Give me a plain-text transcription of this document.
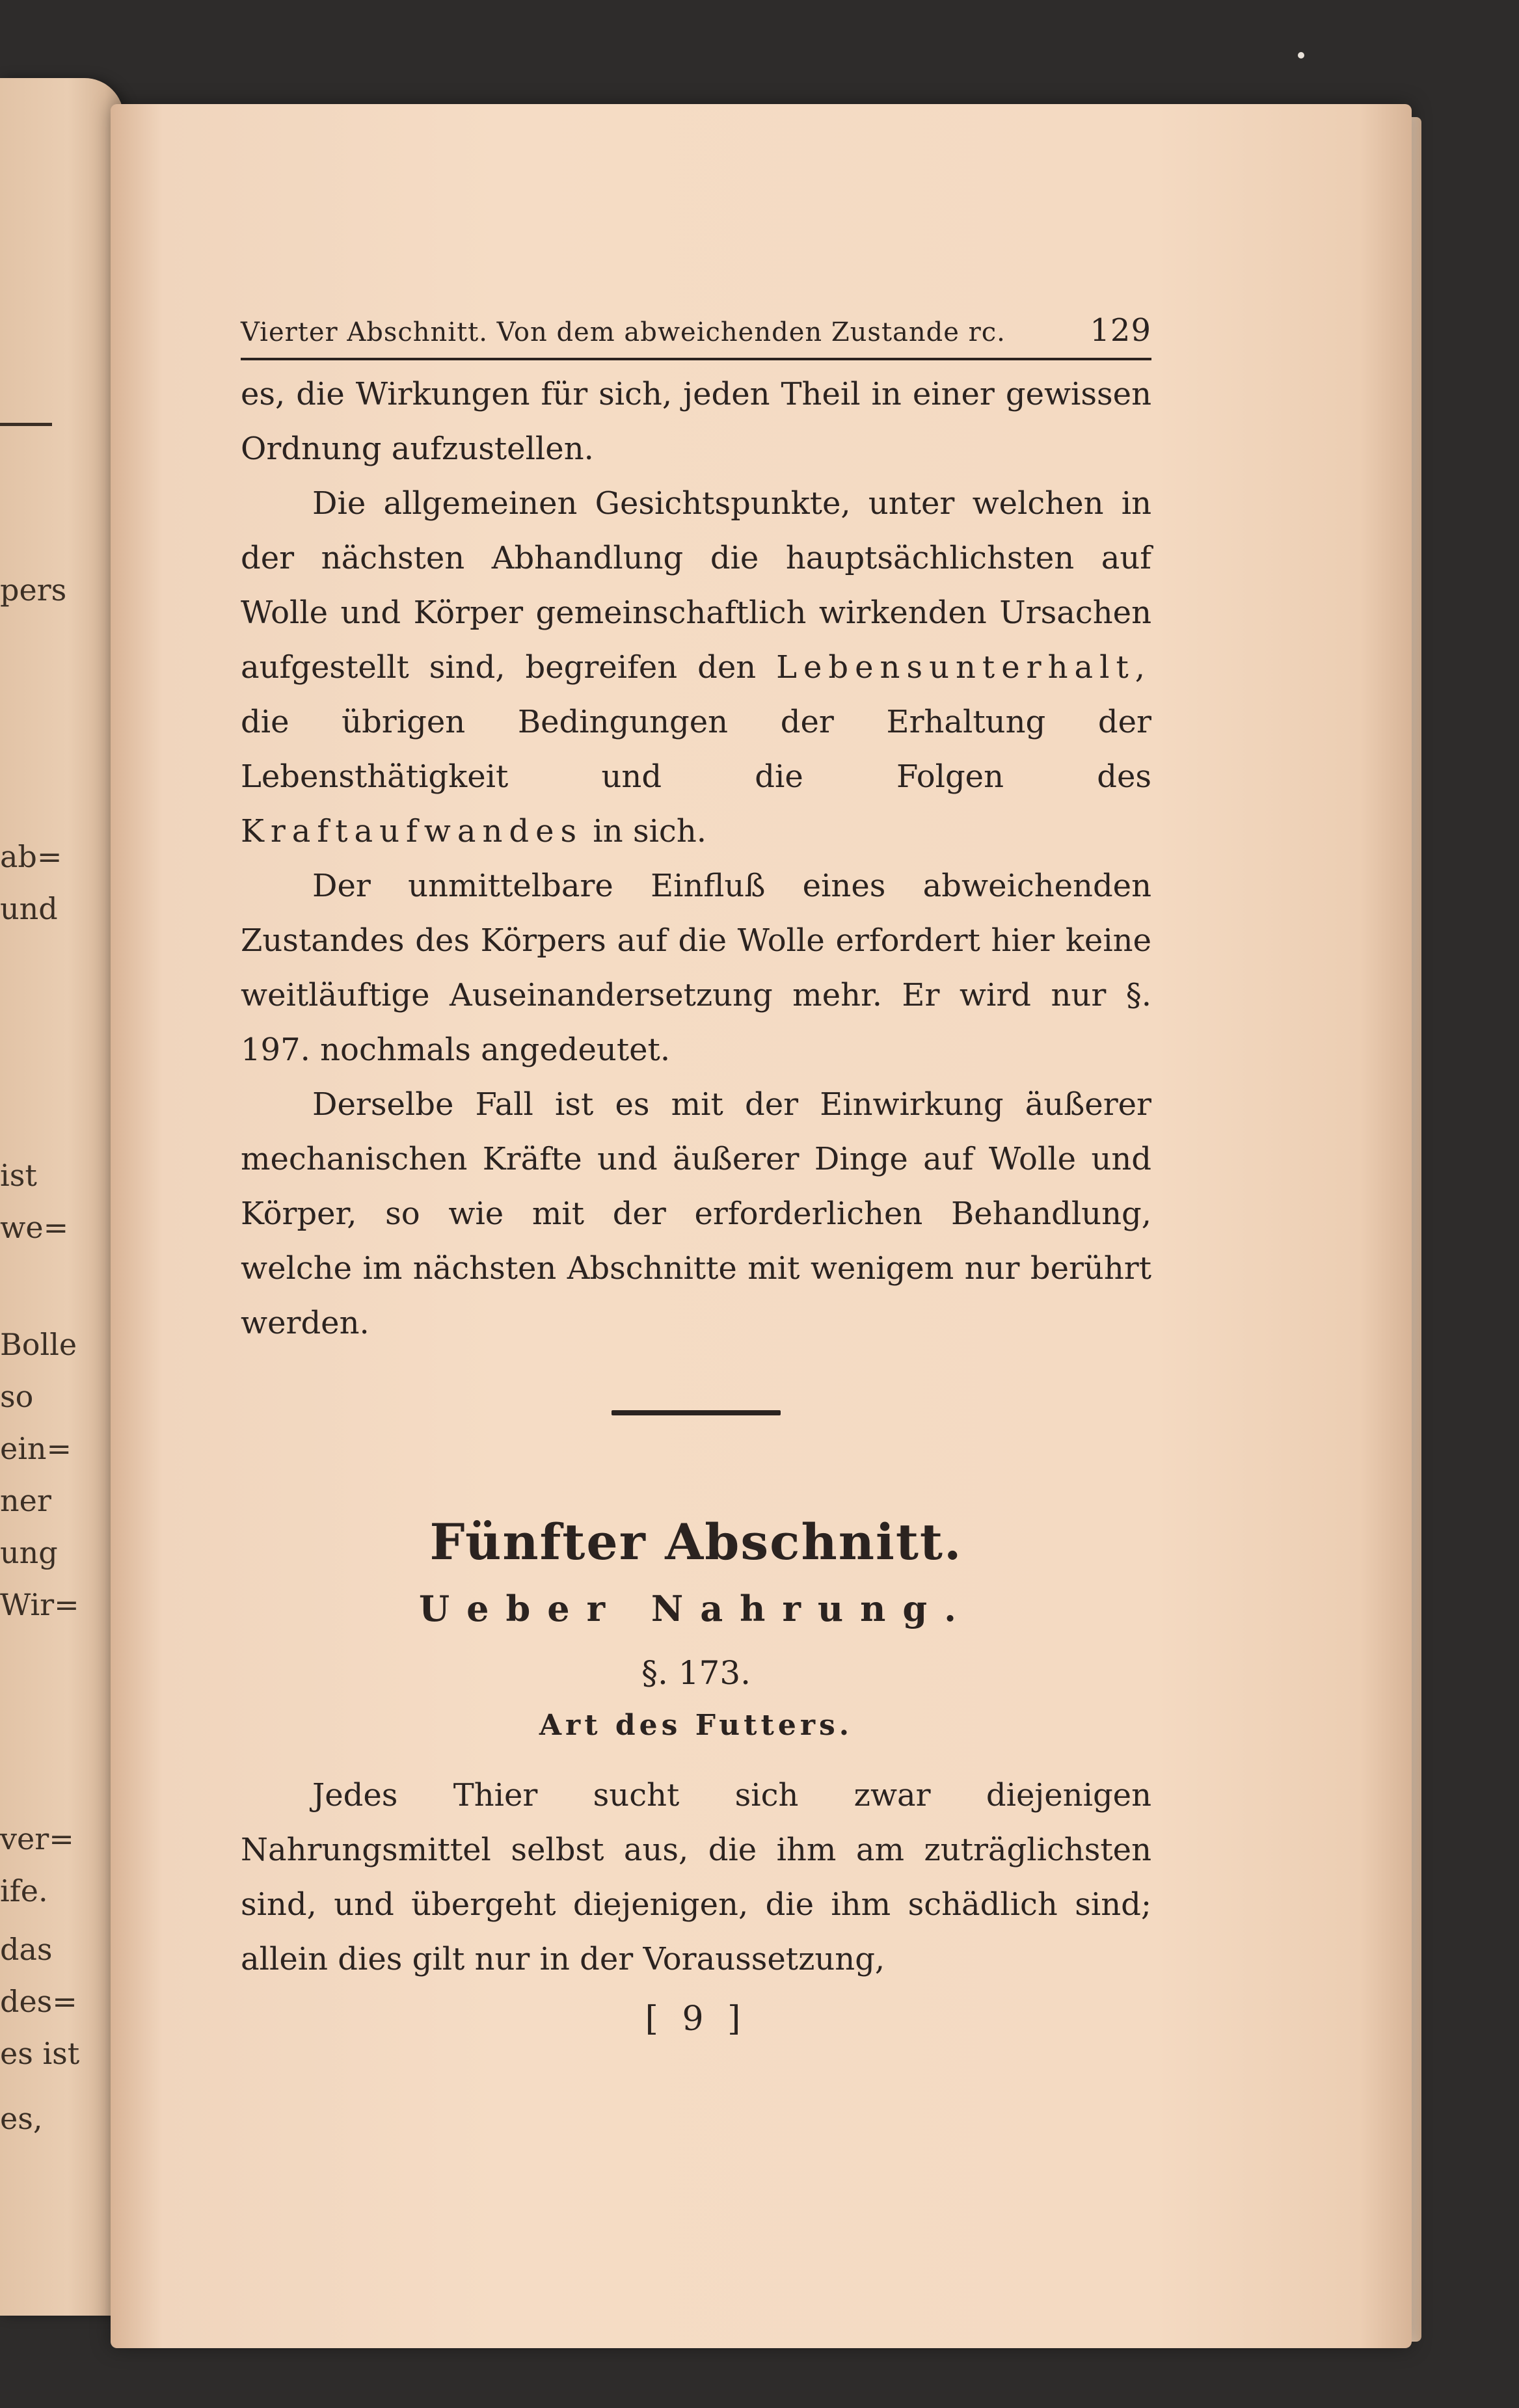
pers
ab=
und
ist
we=
Bolle
so
ein=
ner
ung
Wir=
ver=
ife.
das
des=
es ist
es,
Vierter Abschnitt. Von dem abweichenden Zustande rc.	129

es, die Wirkungen für sich, jeden Theil in einer gewissen Ordnung aufzustellen.

Die allgemeinen Gesichtspunkte, unter welchen in der nächsten Abhandlung die hauptsächlichsten auf Wolle und Körper gemeinschaftlich wirkenden Ursachen aufgestellt sind, begreifen den Lebensunterhalt, die übrigen Bedingungen der Erhaltung der Lebensthätigkeit und die Folgen des Kraftaufwandes in sich.

Der unmittelbare Einfluß eines abweichenden Zustandes des Körpers auf die Wolle erfordert hier keine weitläuftige Auseinandersetzung mehr. Er wird nur §. 197. nochmals angedeutet.

Derselbe Fall ist es mit der Einwirkung äußerer mechanischen Kräfte und äußerer Dinge auf Wolle und Körper, so wie mit der erforderlichen Behandlung, welche im nächsten Abschnitte mit wenigem nur berührt werden.

Fünfter Abschnitt.
Ueber Nahrung.
§. 173.
Art des Futters.

Jedes Thier sucht sich zwar diejenigen Nahrungsmittel selbst aus, die ihm am zuträglichsten sind, und übergeht diejenigen, die ihm schädlich sind; allein dies gilt nur in der Voraussetzung,

[ 9 ]
